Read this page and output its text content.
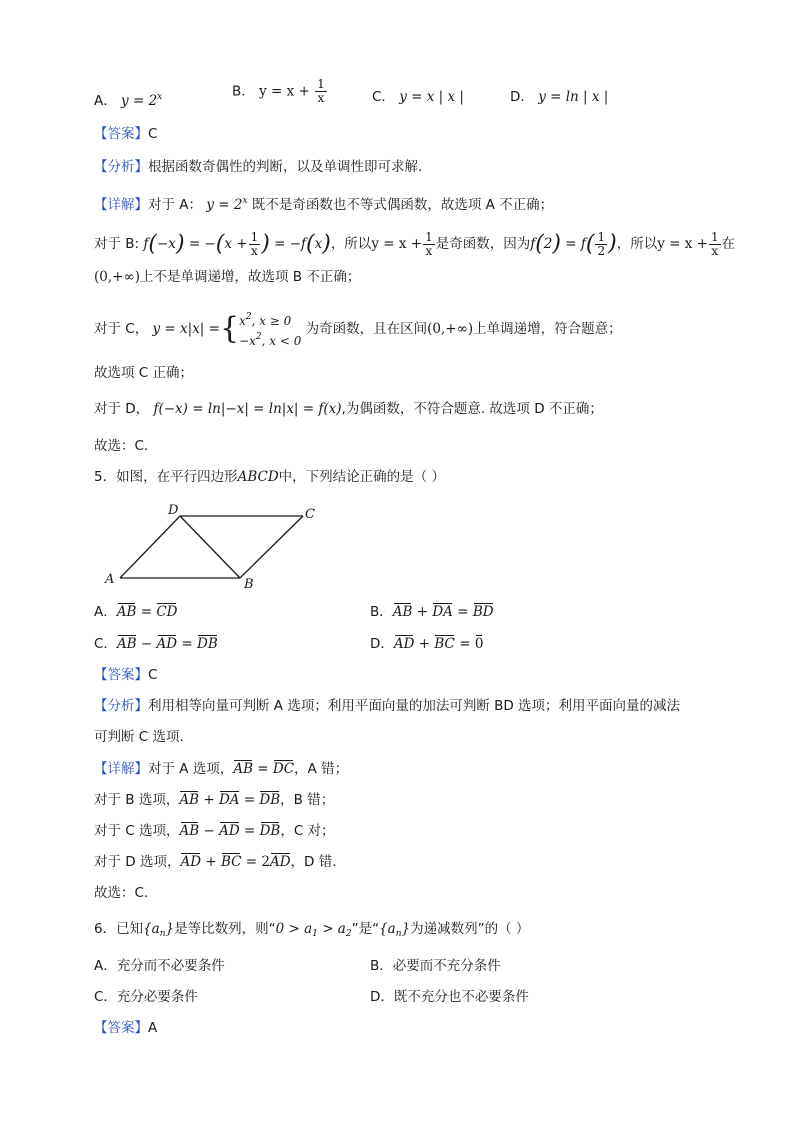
A． $y = 2^x$	B． $y = x + \frac{1}{x}$	C． y = x | x |	D． y = ln | x |
【答案】C
【分析】根据函数奇偶性的判断，以及单调性即可求解.
【详解】对于 A： $y = 2^x$ 既不是奇函数也不等式偶函数，故选项 A 不正确；
对于 B: $f(-x) = -(x + \frac{1}{x}$ ) = −f(x)，所以$y = x + \frac{1}{x}$ 是奇函数，因为$f(2) = f( \frac{1}{2}$ )，所以$y = x + \frac{1}{x}$ 在
(0,+∞)上不是单调递增，故选项 B 不正确；
对于 C， y = x|x| ={ $x^2$, x ≥ 0
$-x^2$, x < 0
为奇函数，且在区间(0,+∞)上单调递增，符合题意；
故选项 C 正确；
对于 D， f(−x) = ln|−x| = ln|x| = f(x),为偶函数，不符合题意. 故选项 D 不正确；
故选：C.
5．如图，在平行四边形ABCD中，下列结论正确的是（ ）
A	B
C
D
A．AB = CD	B．AB + DA = BD
C．AB − AD = DB	D．AD + BC = 0
【答案】C
【分析】利用相等向量可判断 A 选项；利用平面向量的加法可判断 BD 选项；利用平面向量的减法
可判断 C 选项.
【详解】对于 A 选项，AB = DC，A 错；
对于 B 选项，AB + DA = DB，B 错；
对于 C 选项，AB − AD = DB，C 对；
对于 D 选项，AD + BC = 2AD，D 错.
故选：C.
6．已知$\{a_n\}$是等比数列，则“$0 > a_1 > a_2$”是“$\{a_n\}$为递减数列”的（ ）
A．充分而不必要条件	B．必要而不充分条件
C．充分必要条件	D．既不充分也不必要条件
【答案】A
